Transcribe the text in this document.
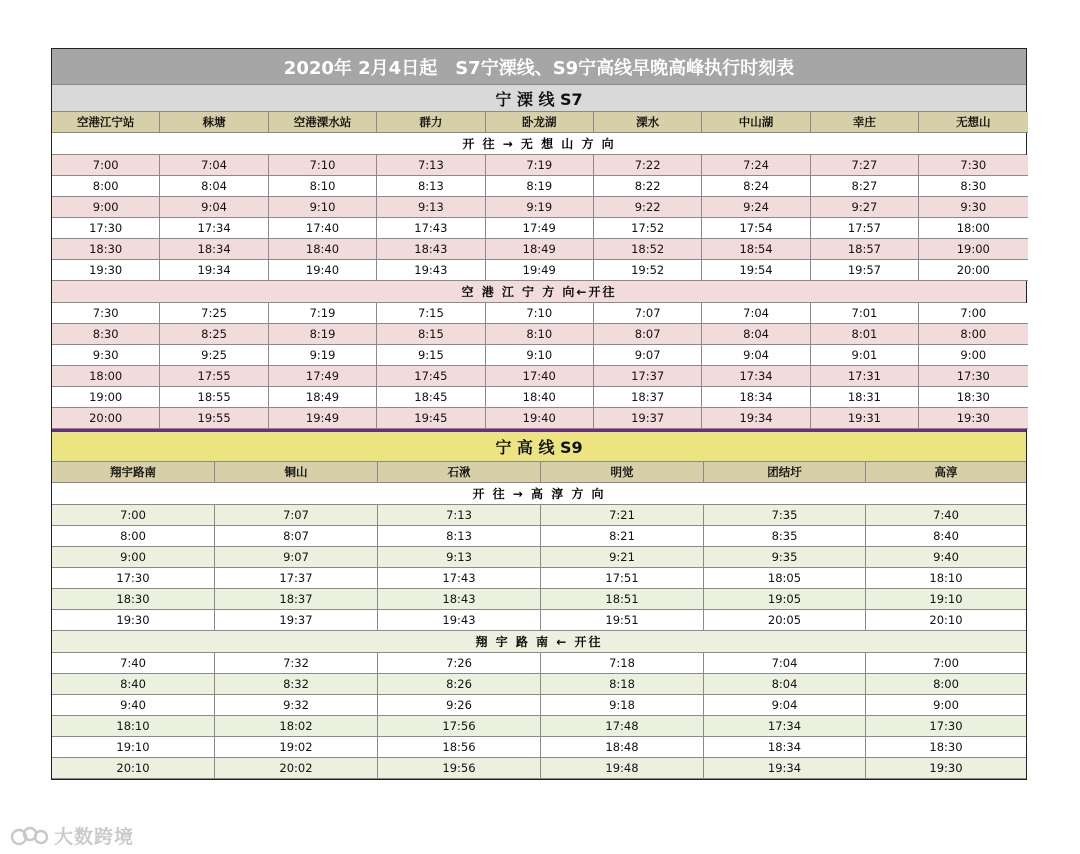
2020年 2月4日起　S7宁溧线、S9宁高线早晚高峰执行时刻表
宁 溧 线 S7
空港江宁站	秣塘	空港溧水站	群力	卧龙湖	溧水	中山湖	幸庄	无想山
开 往 → 无 想 山 方 向
7:00	7:04	7:10	7:13	7:19	7:22	7:24	7:27	7:30
8:00	8:04	8:10	8:13	8:19	8:22	8:24	8:27	8:30
9:00	9:04	9:10	9:13	9:19	9:22	9:24	9:27	9:30
17:30	17:34	17:40	17:43	17:49	17:52	17:54	17:57	18:00
18:30	18:34	18:40	18:43	18:49	18:52	18:54	18:57	19:00
19:30	19:34	19:40	19:43	19:49	19:52	19:54	19:57	20:00
空 港 江 宁 方 向←开往
7:30	7:25	7:19	7:15	7:10	7:07	7:04	7:01	7:00
8:30	8:25	8:19	8:15	8:10	8:07	8:04	8:01	8:00
9:30	9:25	9:19	9:15	9:10	9:07	9:04	9:01	9:00
18:00	17:55	17:49	17:45	17:40	17:37	17:34	17:31	17:30
19:00	18:55	18:49	18:45	18:40	18:37	18:34	18:31	18:30
20:00	19:55	19:49	19:45	19:40	19:37	19:34	19:31	19:30
宁 高 线 S9
翔宇路南	铜山	石湫	明觉	团结圩	高淳
开 往 → 高 淳 方 向
7:00	7:07	7:13	7:21	7:35	7:40
8:00	8:07	8:13	8:21	8:35	8:40
9:00	9:07	9:13	9:21	9:35	9:40
17:30	17:37	17:43	17:51	18:05	18:10
18:30	18:37	18:43	18:51	19:05	19:10
19:30	19:37	19:43	19:51	20:05	20:10
翔 宇 路 南 ← 开往
7:40	7:32	7:26	7:18	7:04	7:00
8:40	8:32	8:26	8:18	8:04	8:00
9:40	9:32	9:26	9:18	9:04	9:00
18:10	18:02	17:56	17:48	17:34	17:30
19:10	19:02	18:56	18:48	18:34	18:30
20:10	20:02	19:56	19:48	19:34	19:30
大数跨境
